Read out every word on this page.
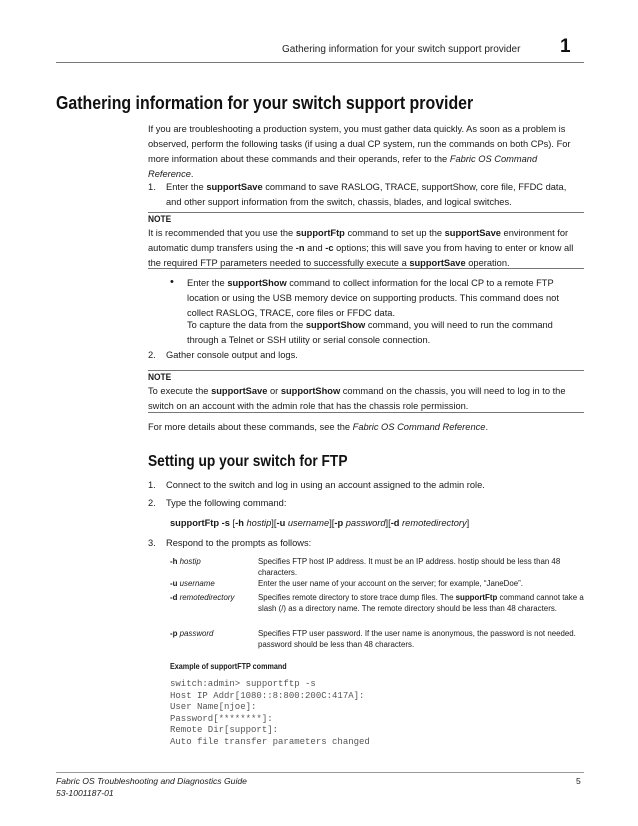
Gathering information for your switch support provider 1
Gathering information for your switch support provider

If you are troubleshooting a production system, you must gather data quickly. As soon as a problem is observed, perform the following tasks (if using a dual CP system, run the commands on both CPs). For more information about these commands and their operands, refer to the Fabric OS Command Reference.

1. Enter the supportSave command to save RASLOG, TRACE, supportShow, core file, FFDC data, and other support information from the switch, chassis, blades, and logical switches.
NOTE
It is recommended that you use the supportFtp command to set up the supportSave environment for automatic dump transfers using the -n and -c options; this will save you from having to enter or know all the required FTP parameters needed to successfully execute a supportSave operation.
• Enter the supportShow command to collect information for the local CP to a remote FTP location or using the USB memory device on supporting products. This command does not collect RASLOG, TRACE, core files or FFDC data.

To capture the data from the supportShow command, you will need to run the command through a Telnet or SSH utility or serial console connection.

2. Gather console output and logs.
NOTE
To execute the supportSave or supportShow command on the chassis, you will need to log in to the switch on an account with the admin role that has the chassis role permission.

For more details about these commands, see the Fabric OS Command Reference.

Setting up your switch for FTP
1. Connect to the switch and log in using an account assigned to the admin role.
2. Type the following command:
supportFtp -s [-h hostip][-u username][-p password][-d remotedirectory]
3. Respond to the prompts as follows:
-h hostip	Specifies FTP host IP address. It must be an IP address. hostip should be less than 48 characters.
-u username	Enter the user name of your account on the server; for example, “JaneDoe”.
-d remotedirectory	Specifies remote directory to store trace dump files. The supportFtp command cannot take a slash (/) as a directory name. The remote directory should be less than 48 characters.
-p password	Specifies FTP user password. If the user name is anonymous, the password is not needed. password should be less than 48 characters.
Example of supportFTP command
switch:admin> supportftp -s
Host IP Addr[1080::8:800:200C:417A]:
User Name[njoe]:
Password[********]:
Remote Dir[support]:
Auto file transfer parameters changed
Fabric OS Troubleshooting and Diagnostics Guide
53-1001187-01
5
